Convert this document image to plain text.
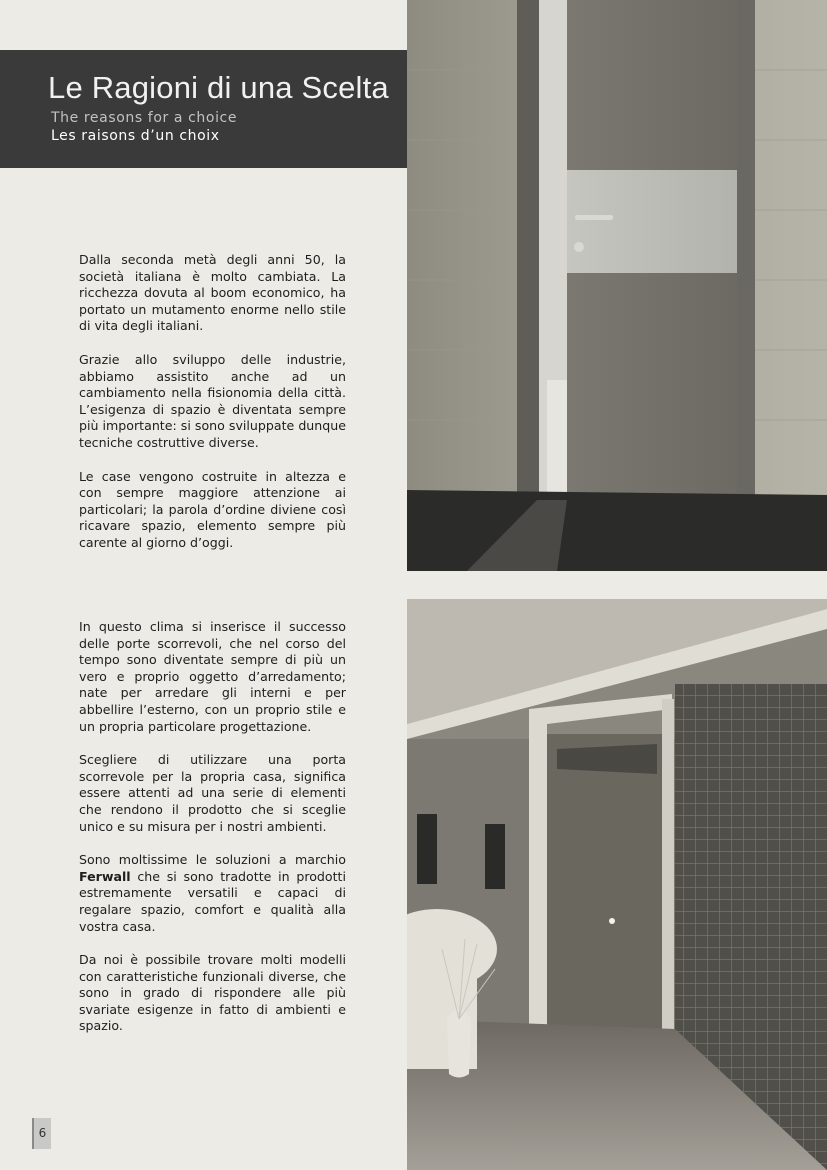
Le Ragioni di una Scelta
The reasons for a choice
Les raisons d’un choix

Dalla seconda metà degli anni 50, la società italiana è molto cambiata. La ricchezza dovuta al boom economico, ha portato un mutamento enorme nello stile di vita degli italiani.

Grazie allo sviluppo delle industrie, abbiamo assistito anche ad un cambiamento nella fisionomia della città. L’esigenza di spazio è diventata sempre più importante: si sono sviluppate dunque tecniche costruttive diverse.

Le case vengono costruite in altezza e con sempre maggiore attenzione ai particolari; la parola d’ordine diviene così ricavare spazio, elemento sempre più carente al giorno d’oggi.

In questo clima si inserisce il successo delle porte scorrevoli, che nel corso del tempo sono diventate sempre di più un vero e proprio oggetto d’arredamento; nate per arredare gli interni e per abbellire l’esterno, con un proprio stile e un propria particolare progettazione.

Scegliere di utilizzare una porta scorrevole per la propria casa, significa essere attenti ad una serie di elementi che rendono il prodotto che si sceglie unico e su misura per i nostri ambienti.

Sono moltissime le soluzioni a marchio Ferwall che si sono tradotte in prodotti estremamente versatili e capaci di regalare spazio, comfort e qualità alla vostra casa.

Da noi è possibile trovare molti modelli con caratteristiche funzionali diverse, che sono in grado di rispondere alle più svariate esigenze in fatto di ambienti e spazio.

6
